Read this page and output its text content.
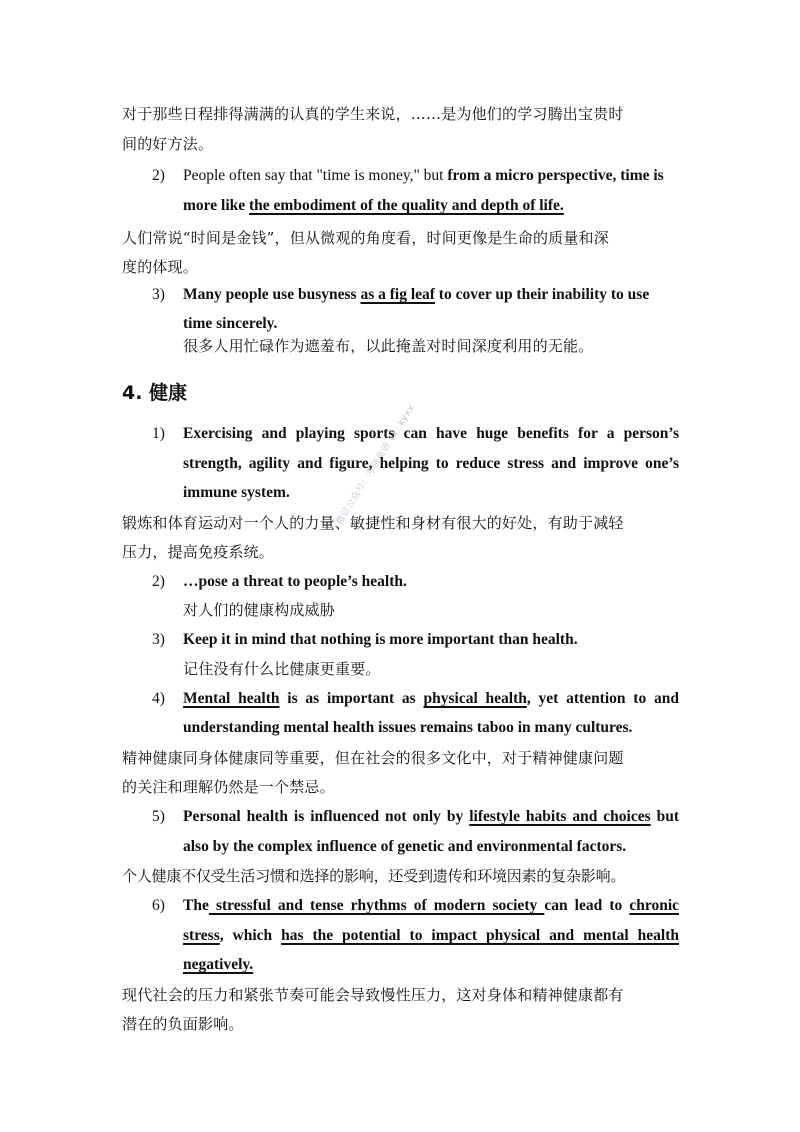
对于那些日程排得满满的认真的学生来说，……是为他们的学习腾出宝贵时
间的好方法。
2) People often say that "time is money," but from a micro perspective, time is
more like the embodiment of the quality and depth of life.
人们常说“时间是金钱”，但从微观的角度看，时间更像是生命的质量和深
度的体现。
3) Many people use busyness as a fig leaf to cover up their inability to use
time sincerely.
很多人用忙碌作为遮羞布，以此掩盖对时间深度利用的无能。
4. 健康
1) Exercising and playing sports can have huge benefits for a person’s
strength, agility and figure, helping to reduce stress and improve one’s
immune system.
锻炼和体育运动对一个人的力量、敏捷性和身材有很大的好处，有助于减轻
压力，提高免疫系统。
2) …pose a threat to people’s health.
对人们的健康构成威胁
3) Keep it in mind that nothing is more important than health.
记住没有什么比健康更重要。
4) Mental health is as important as physical health, yet attention to and
understanding mental health issues remains taboo in many cultures.
精神健康同身体健康同等重要，但在社会的很多文化中，对于精神健康问题
的关注和理解仍然是一个禁忌。
5) Personal health is influenced not only by lifestyle habits and choices but
also by the complex influence of genetic and environmental factors.
个人健康不仅受生活习惯和选择的影响，还受到遗传和环境因素的复杂影响。
6) The stressful and tense rhythms of modern society can lead to chronic
stress, which has the potential to impact physical and mental health
negatively.
现代社会的压力和紧张节奏可能会导致慢性压力，这对身体和精神健康都有
潜在的负面影响。
微信公众号：考研英语 vx: kyxx
